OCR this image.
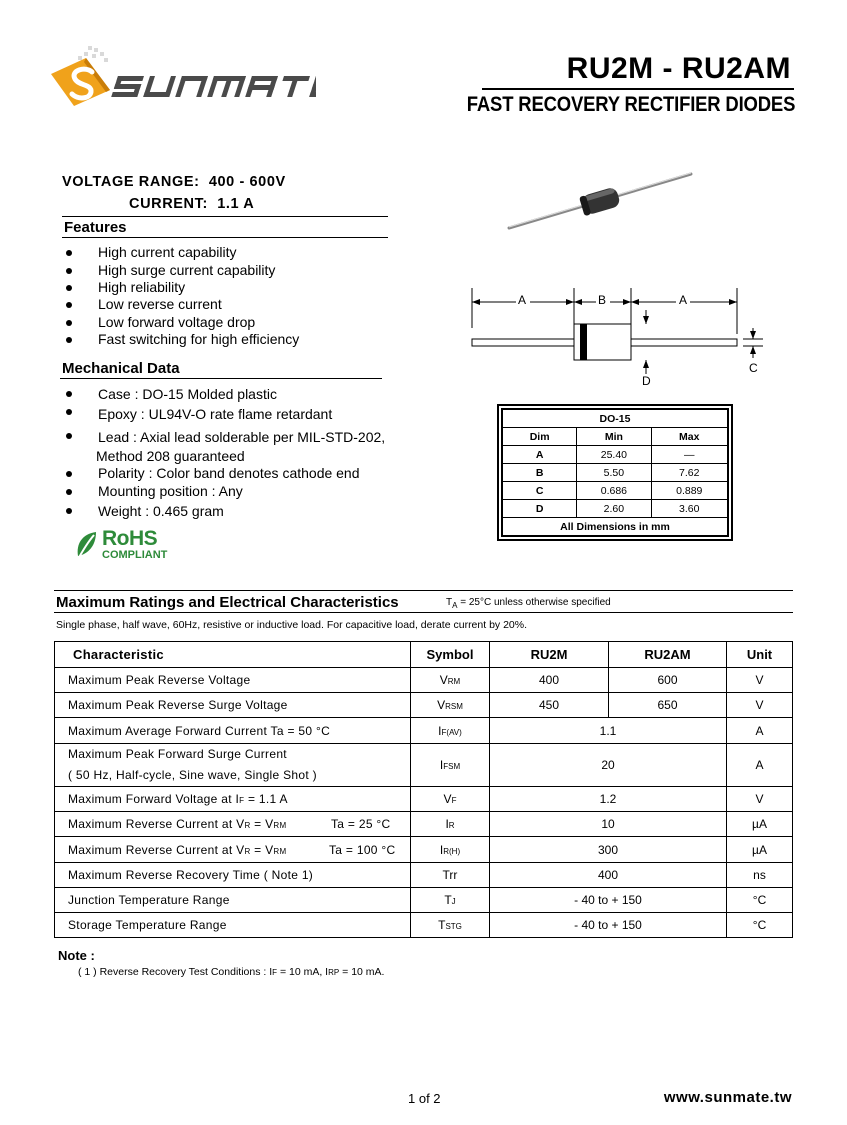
RU2M - RU2AM
FAST RECOVERY RECTIFIER DIODES
VOLTAGE RANGE: 400 - 600V
CURRENT: 1.1 A
Features
High current capability
High surge current capability
High reliability
Low reverse current
Low forward voltage drop
Fast switching for high efficiency
Mechanical Data
Case : DO-15 Molded plastic
Epoxy : UL94V-O rate flame retardant
Lead : Axial lead solderable per MIL-STD-202,
Method 208 guaranteed
Polarity : Color band denotes cathode end
Mounting position : Any
Weight : 0.465 gram
RoHS
COMPLIANT
A	B	A
C
D
DO-15		
Dim	Min	Max
A	25.40	—
B	5.50	7.62
C	0.686	0.889
D	2.60	3.60
All Dimensions in mm		
Maximum Ratings and Electrical Characteristics	$T_A = 25^\circ C$ unless otherwise specified
Single phase, half wave, 60Hz, resistive or inductive load. For capacitive load, derate current by 20%.
Characteristic	Symbol	RU2M	RU2AM	Unit
Maximum Peak Reverse Voltage	VRM	400	600	V
Maximum Peak Reverse Surge Voltage	VRSM	450	650	V
Maximum Average Forward Current Ta = 50 °C	IF(AV)	1.1		A

Maximum Peak Forward Surge Current
( 50 Hz, Half-cycle, Sine wave, Single Shot )	IFSM	20		A
Maximum Forward Voltage at IF = 1.1 A	VF	1.2		V
Maximum Reverse Current at VR = VRM Ta = 25 °C	IR	10		µA
Maximum Reverse Current at VR = VRM Ta = 100 °C	IR(H)	300		µA
Maximum Reverse Recovery Time ( Note 1)	Trr	400		ns
Junction Temperature Range	TJ	- 40 to + 150		°C
Storage Temperature Range	TSTG	- 40 to + 150		°C
Note :
( 1 ) Reverse Recovery Test Conditions : IF = 10 mA, IRP = 10 mA.
1 of 2	www.sunmate.tw
